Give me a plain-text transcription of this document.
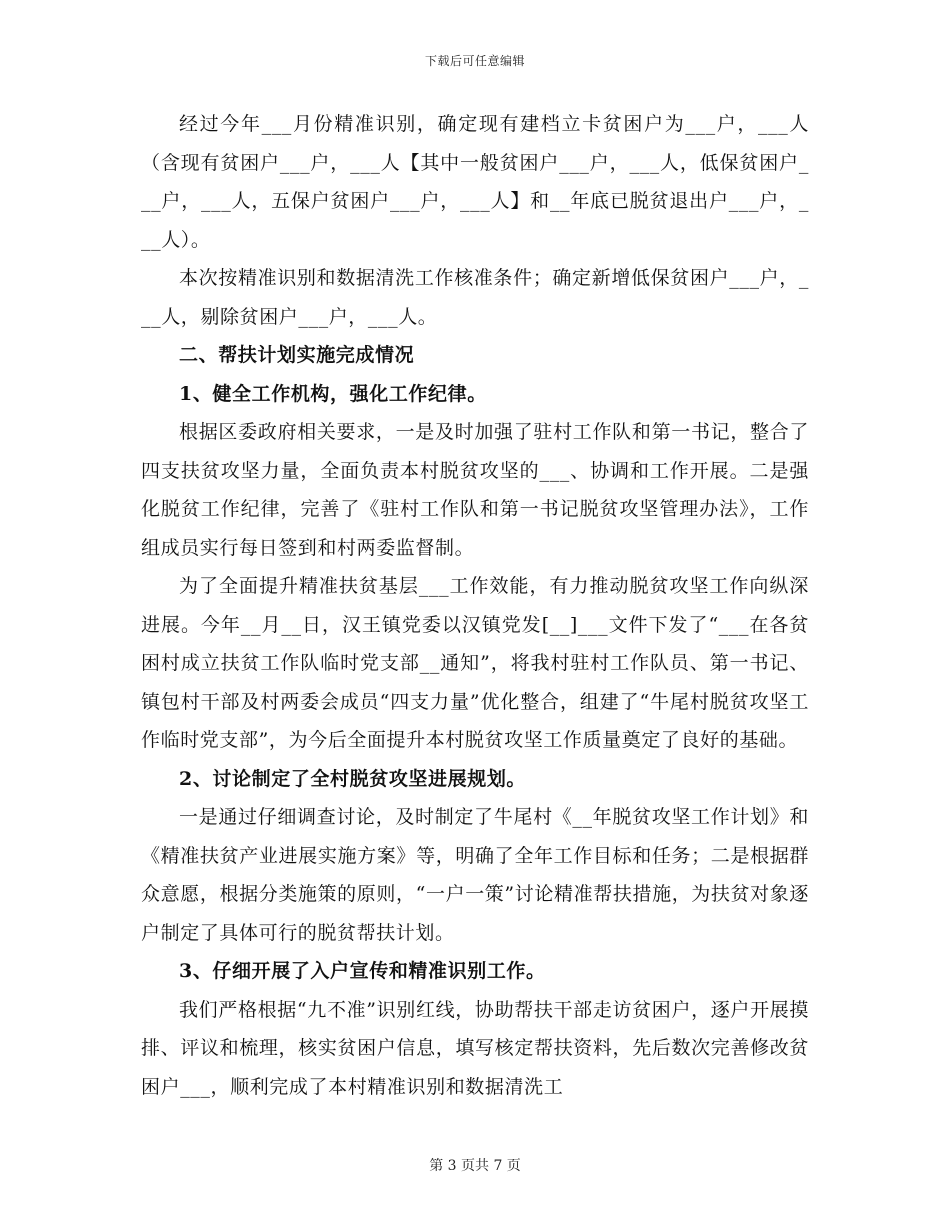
下载后可任意编辑

经过今年___月份精准识别，确定现有建档立卡贫困户为___户，___人（含现有贫困户___户，___人【其中一般贫困户___户，___人，低保贫困户___户，___人，五保户贫困户___户，___人】和__年底已脱贫退出户___户，___人）。

本次按精准识别和数据清洗工作核准条件；确定新增低保贫困户___户，___人，剔除贫困户___户，___人。

二、帮扶计划实施完成情况

1、健全工作机构，强化工作纪律。

根据区委政府相关要求，一是及时加强了驻村工作队和第一书记，整合了四支扶贫攻坚力量，全面负责本村脱贫攻坚的___、协调和工作开展。二是强化脱贫工作纪律，完善了《驻村工作队和第一书记脱贫攻坚管理办法》，工作组成员实行每日签到和村两委监督制。

为了全面提升精准扶贫基层___工作效能，有力推动脱贫攻坚工作向纵深进展。今年__月__日，汉王镇党委以汉镇党发[__]___文件下发了“___在各贫困村成立扶贫工作队临时党支部__通知”，将我村驻村工作队员、第一书记、镇包村干部及村两委会成员“四支力量”优化整合，组建了“牛尾村脱贫攻坚工作临时党支部”，为今后全面提升本村脱贫攻坚工作质量奠定了良好的基础。

2、讨论制定了全村脱贫攻坚进展规划。

一是通过仔细调查讨论，及时制定了牛尾村《__年脱贫攻坚工作计划》和《精准扶贫产业进展实施方案》等，明确了全年工作目标和任务；二是根据群众意愿，根据分类施策的原则，“一户一策”讨论精准帮扶措施，为扶贫对象逐户制定了具体可行的脱贫帮扶计划。

3、仔细开展了入户宣传和精准识别工作。

我们严格根据“九不准”识别红线，协助帮扶干部走访贫困户，逐户开展摸排、评议和梳理，核实贫困户信息，填写核定帮扶资料，先后数次完善修改贫困户___，顺利完成了本村精准识别和数据清洗工

第 3 页共 7 页
